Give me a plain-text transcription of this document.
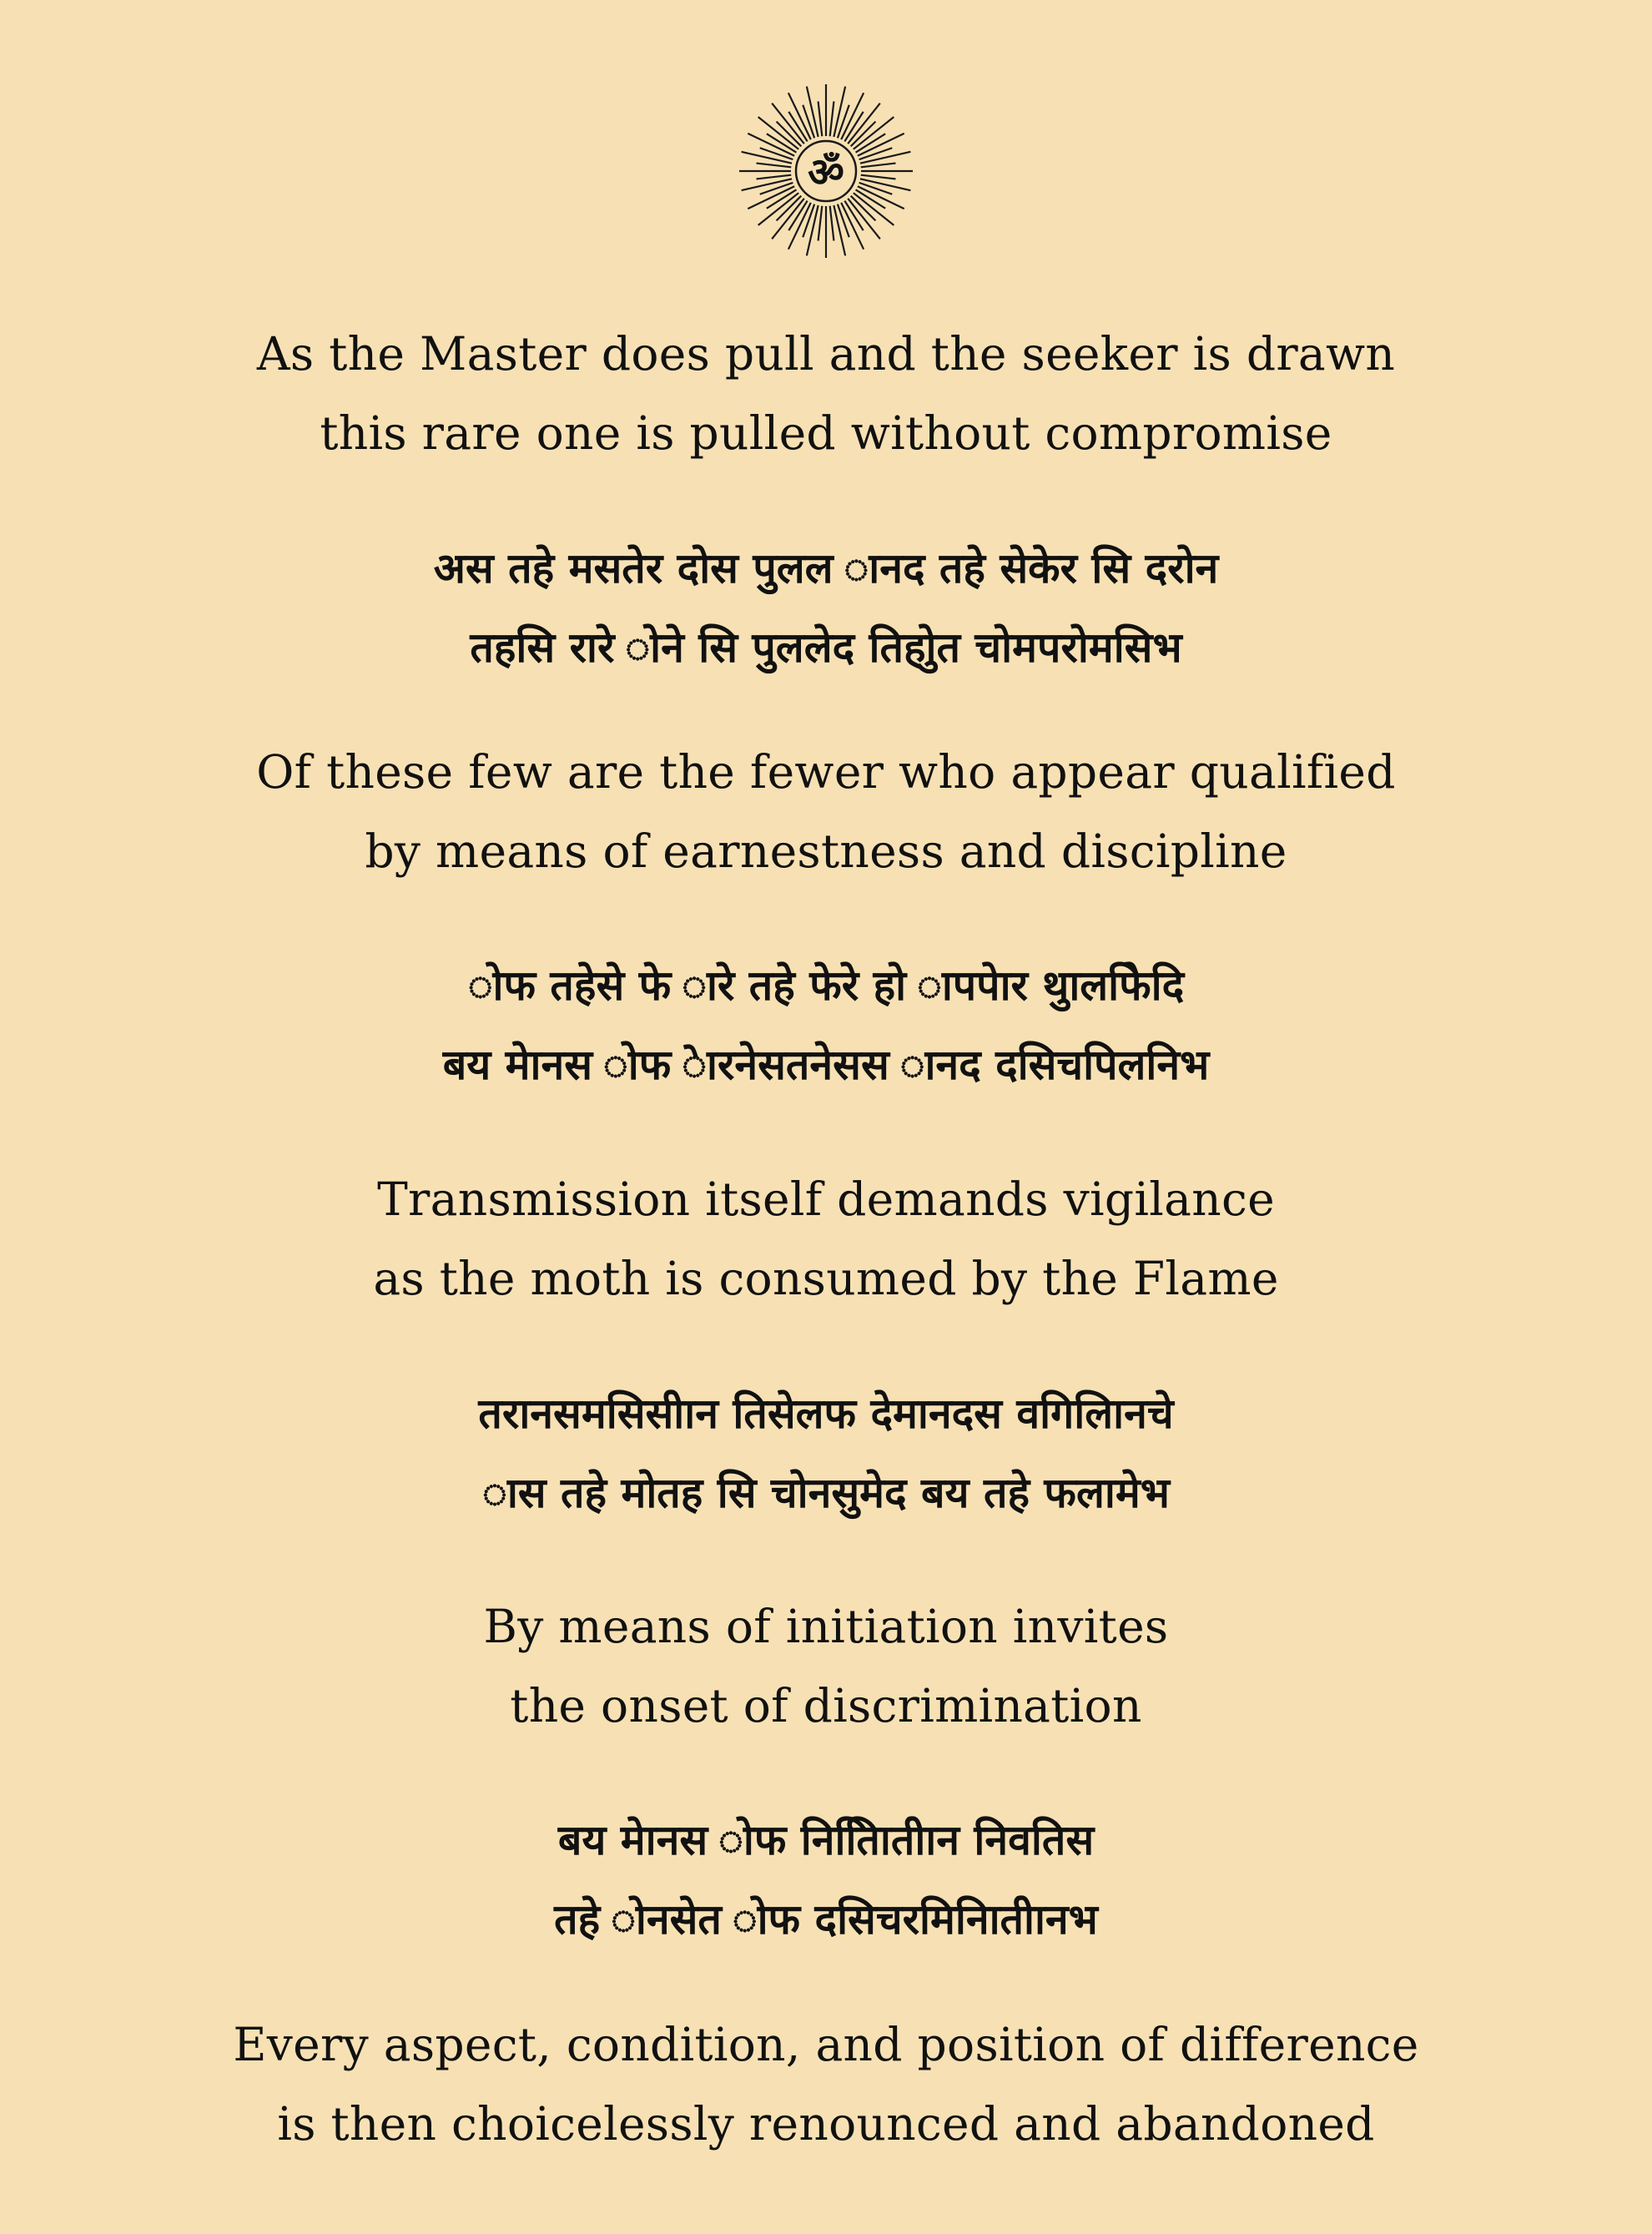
ॐ
As the Master does pull and the seeker is drawn
this rare one is pulled without compromise
अस तहे मसतेर दोस पुलल ानद तहे सेकेर सि दरोन
तहसि रारे ोने सि पुललेद तिहोुत चोमपरोमसिभ
Of these few are the fewer who appear qualified
by means of earnestness and discipline
ोफ तहेसे फे ारे तहे फेरे हो ापपेार थुालफिेदि
बय मेानस ोफ ेारनेसतनेसस ानद दसिचपिलनिभ
Transmission itself demands vigilance
as the moth is consumed by the Flame
तरानसमसिसीेान तिसेलफ देमानदस वगिलिानचे
ास तहे मोतह सि चोनसुमेद बय तहे फलामेभ
By means of initiation invites
the onset of discrimination
बय मेानस ोफ नितिाितीेान निवतिस
तहे ोनसेत ोफ दसिचरमिनिातीेानभ
Every aspect, condition, and position of difference
is then choicelessly renounced and abandoned
